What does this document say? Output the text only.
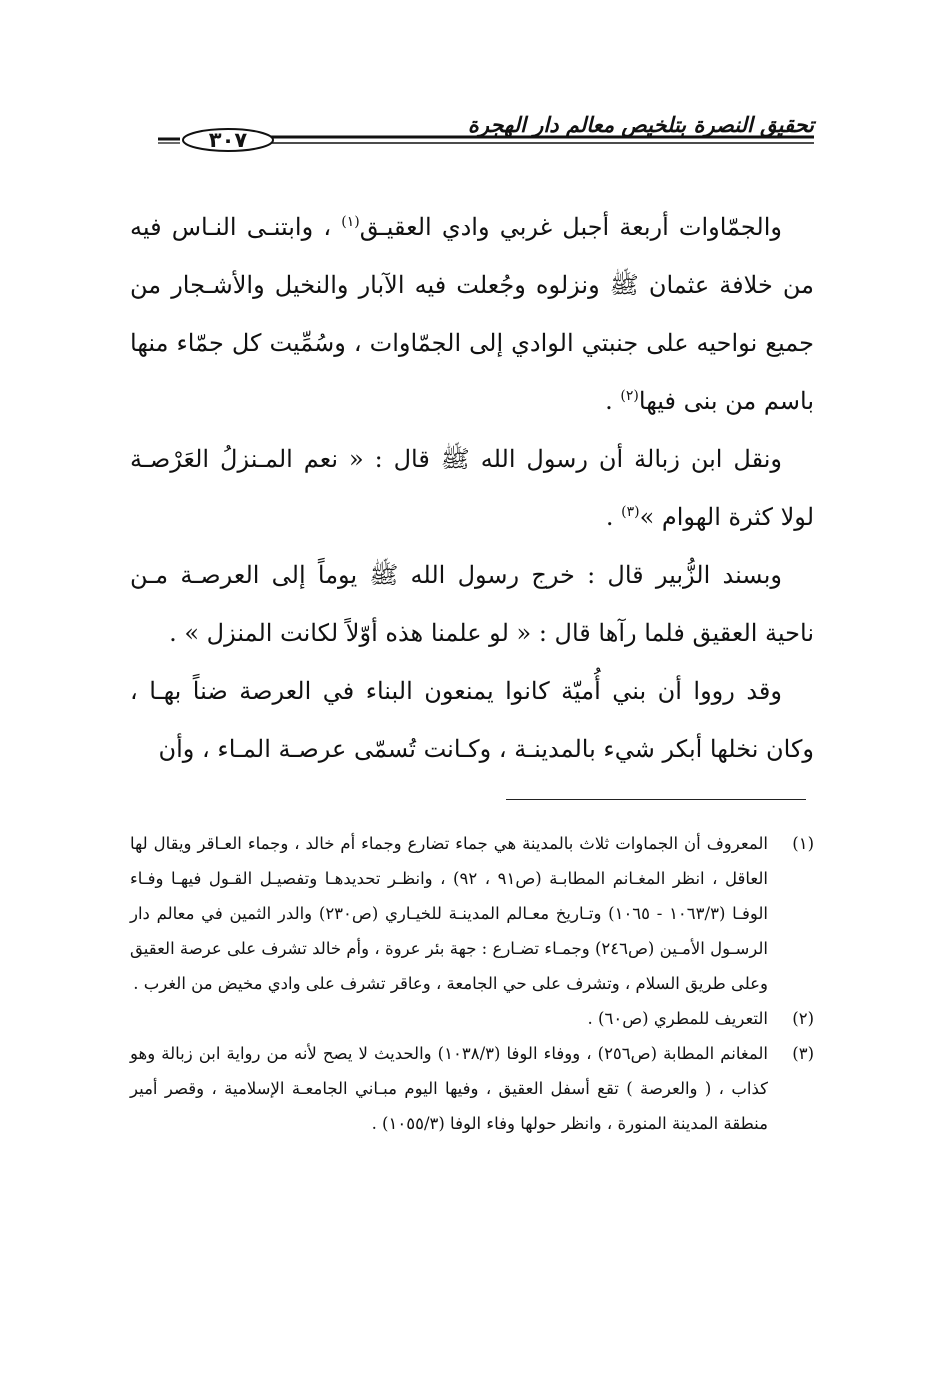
تحقيق النصرة بتلخيص معالم دار الهجرة
٣٠٧

والجمّاوات أربعة أجبل غربي وادي العقيـق$^{(١)}$ ، وابتنـى النـاس فيه من خلافة عثمان ﷺ ونزلوه وجُعلت فيه الآبار والنخيل والأشـجار من جميع نواحيه على جنبتي الوادي إلى الجمّاوات ، وسُمِّيت كل جمّاء منها باسم من بنى فيها$^{(٢)}$ .

ونقل ابن زبالة أن رسول الله ﷺ قال : « نعم المـنزلُ العَرْصـة لولا كثرة الهوام »$^{(٣)}$ .

وبسند الزُّبير قال : خرج رسول الله ﷺ يوماً إلى العرصـة مـن ناحية العقيق فلما رآها قال : « لو علمنا هذه أوّلاً لكانت المنزل » .

وقد رووا أن بني أُميّة كانوا يمنعون البناء في العرصة ضناً بهـا ، وكان نخلها أبكر شيء بالمدينـة ، وكـانت تُسمّى عرصـة المـاء ، وأن

(١)
المعروف أن الجماوات ثلاث بالمدينة هي جماء تضارع وجماء أم خالد ، وجماء العـاقر ويقال لها العاقل ، انظر المغـانم المطابـة (ص٩١ ، ٩٢) ، وانظـر تحديدهـا وتفصيـل القـول فيهـا وفـاء الوفـا (١٠٦٣/٣ - ١٠٦٥) وتـاريخ معـالم المدينـة للخيـاري (ص٢٣٠) والدر الثمين في معالم دار الرسـول الأمـين (ص٢٤٦) وجمـاء تضـارع : جهة بئر عروة ، وأم خالد تشرف على عرصة العقيق وعلى طريق السلام ، وتشرف على حي الجامعة ، وعاقر تشرف على وادي مخيض من الغرب .
(٢)
التعريف للمطري (ص٦٠) .
(٣)
المغانم المطابة (ص٢٥٦) ، ووفاء الوفا (١٠٣٨/٣) والحديث لا يصح لأنه من رواية ابن زبالة وهو كذاب ، ( والعرصة ) تقع أسفل العقيق ، وفيها اليوم مبـاني الجامعـة الإسلامية ، وقصر أمير منطقة المدينة المنورة ، وانظر حولها وفاء الوفا (١٠٥٥/٣) .
